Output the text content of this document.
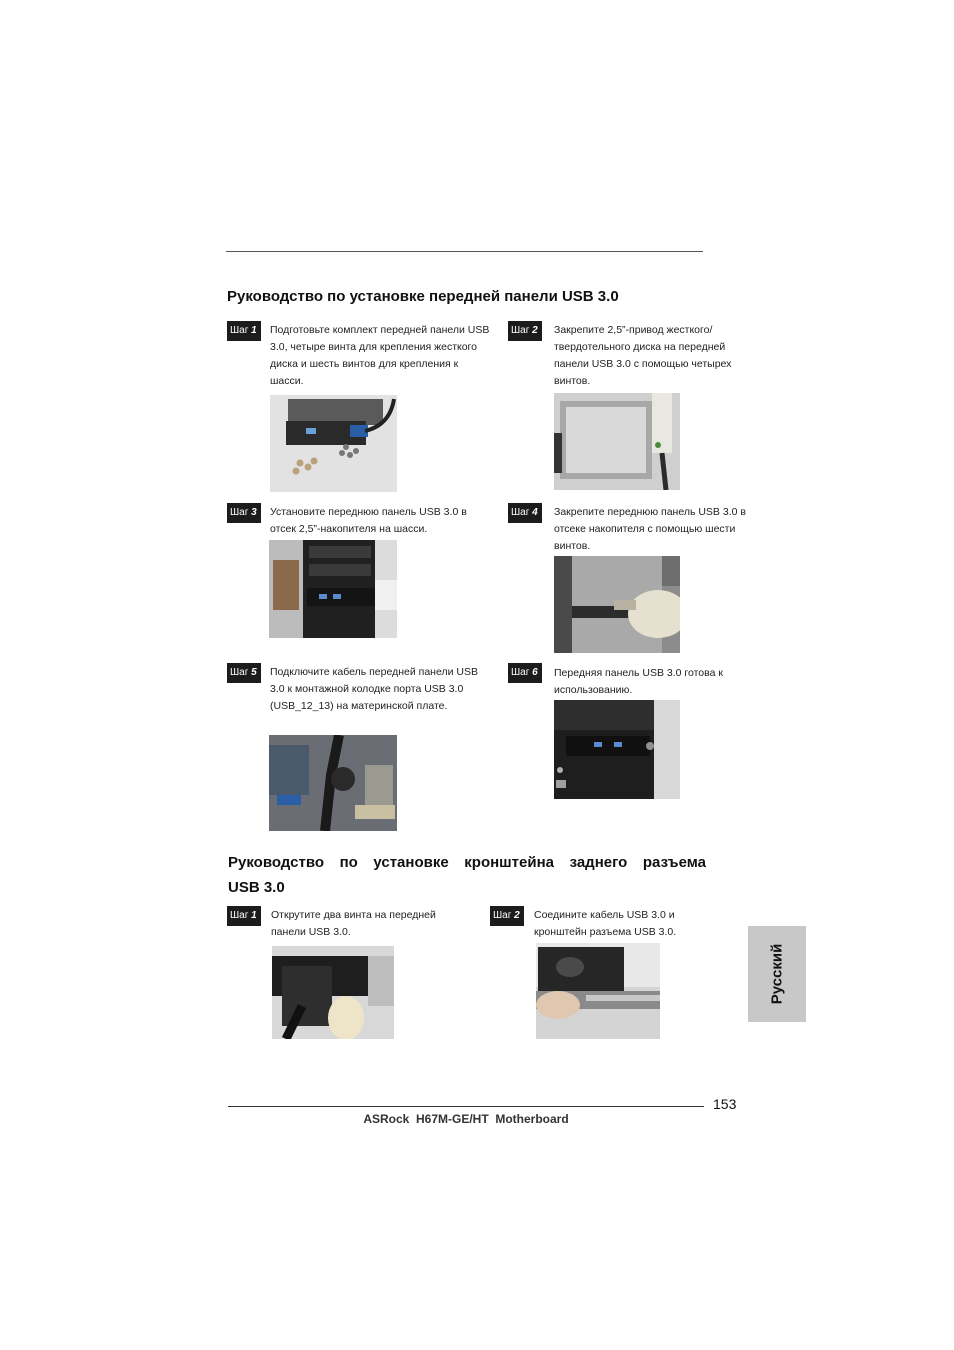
Руководство по установке передней панели USB 3.0
Шаг 1	Подготовьте комплект передней панели USB 3.0, четыре винта для крепления жесткого диска и шесть винтов для крепления к шасси.
Шаг 2	Закрепите 2,5”-привод жесткого/ твердотельного диска на передней панели USB 3.0 с помощью четырех винтов.
Шаг 3	Установите переднюю панель USB 3.0 в отсек 2,5”-накопителя на шасси.
Шаг 4	Закрепите переднюю панель USB 3.0 в отсеке накопителя с помощью шести винтов.
Шаг 5	Подключите кабель передней панели USB 3.0 к монтажной колодке порта USB 3.0 (USB_12_13) на материнской плате.
Шаг 6	Передняя панель USB 3.0 готова к использованию.
Руководство по установке кронштейна заднего разъема
USB 3.0
Шаг 1	Открутите два винта на передней панели USB 3.0.
Шаг 2	Соедините кабель USB 3.0 и кронштейн разъема USB 3.0.
Русский
153
ASRock  H67M-GE/HT  Motherboard
